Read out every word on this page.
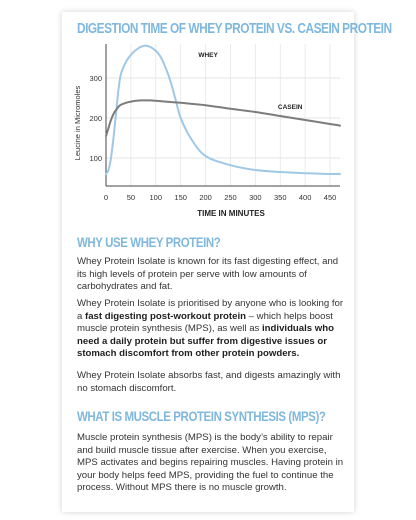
DIGESTION TIME OF WHEY PROTEIN VS. CASEIN PROTEIN
100
200
300
0 50 100 150 200 250 300 350 400 450
TIME IN MINUTES
Leucine in Micromoles
WHEY
CASEIN
WHY USE WHEY PROTEIN?

Whey Protein Isolate is known for its fast digesting effect, and its high levels of protein per serve with low amounts of carbohydrates and fat.

Whey Protein Isolate is prioritised by anyone who is looking for a fast digesting post-workout protein – which helps boost muscle protein synthesis (MPS), as well as individuals who need a daily protein but suffer from digestive issues or stomach discomfort from other protein powders.

Whey Protein Isolate absorbs fast, and digests amazingly with no stomach discomfort.

WHAT IS MUSCLE PROTEIN SYNTHESIS (MPS)?

Muscle protein synthesis (MPS) is the body’s ability to repair and build muscle tissue after exercise. When you exercise, MPS activates and begins repairing muscles. Having protein in your body helps feed MPS, providing the fuel to continue the process. Without MPS there is no muscle growth.
